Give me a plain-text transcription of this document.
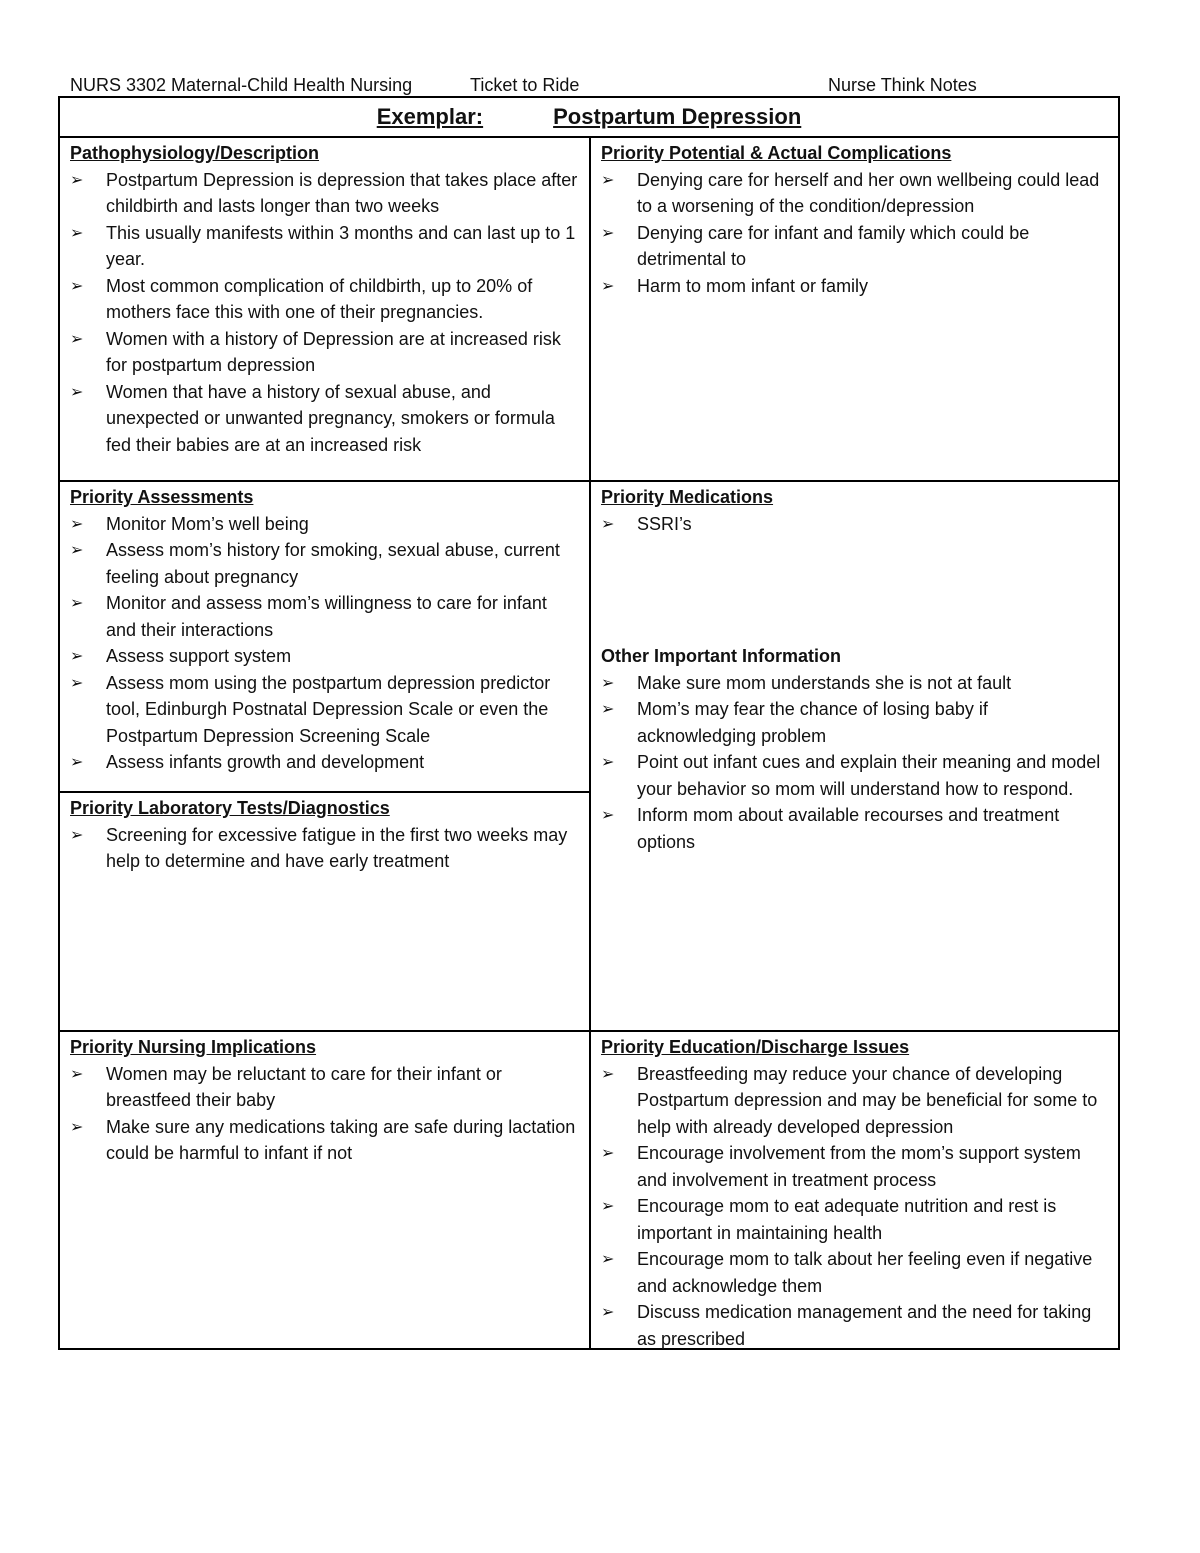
NURS 3302 Maternal-Child Health Nursing	Ticket to Ride	Nurse Think Notes
Exemplar:	Postpartum Depression
Pathophysiology/Description
➢ Postpartum Depression is depression that takes place after childbirth and lasts longer than two weeks
➢ This usually manifests within 3 months and can last up to 1 year.
➢ Most common complication of childbirth, up to 20% of mothers face this with one of their pregnancies.
➢ Women with a history of Depression are at increased risk for postpartum depression
➢ Women that have a history of sexual abuse, and unexpected or unwanted pregnancy, smokers or formula fed their babies are at an increased risk
Priority Potential & Actual Complications
➢ Denying care for herself and her own wellbeing could lead to a worsening of the condition/depression
➢ Denying care for infant and family which could be detrimental to
➢ Harm to mom infant or family
Priority Assessments
➢ Monitor Mom’s well being
➢ Assess mom’s history for smoking, sexual abuse, current feeling about pregnancy
➢ Monitor and assess mom’s willingness to care for infant and their interactions
➢ Assess support system
➢ Assess mom using the postpartum depression predictor tool, Edinburgh Postnatal Depression Scale or even the Postpartum Depression Screening Scale
➢ Assess infants growth and development
Priority Medications
➢ SSRI’s
Other Important Information
➢ Make sure mom understands she is not at fault
➢ Mom’s may fear the chance of losing baby if acknowledging problem
➢ Point out infant cues and explain their meaning and model your behavior so mom will understand how to respond.
➢ Inform mom about available recourses and treatment options
Priority Laboratory Tests/Diagnostics
➢ Screening for excessive fatigue in the first two weeks may help to determine and have early treatment
Priority Nursing Implications
➢ Women may be reluctant to care for their infant or breastfeed their baby
➢ Make sure any medications taking are safe during lactation could be harmful to infant if not
Priority Education/Discharge Issues
➢ Breastfeeding may reduce your chance of developing Postpartum depression and may be beneficial for some to help with already developed depression
➢ Encourage involvement from the mom’s support system and involvement in treatment process
➢ Encourage mom to eat adequate nutrition and rest is important in maintaining health
➢ Encourage mom to talk about her feeling even if negative and acknowledge them
➢ Discuss medication management and the need for taking as prescribed
